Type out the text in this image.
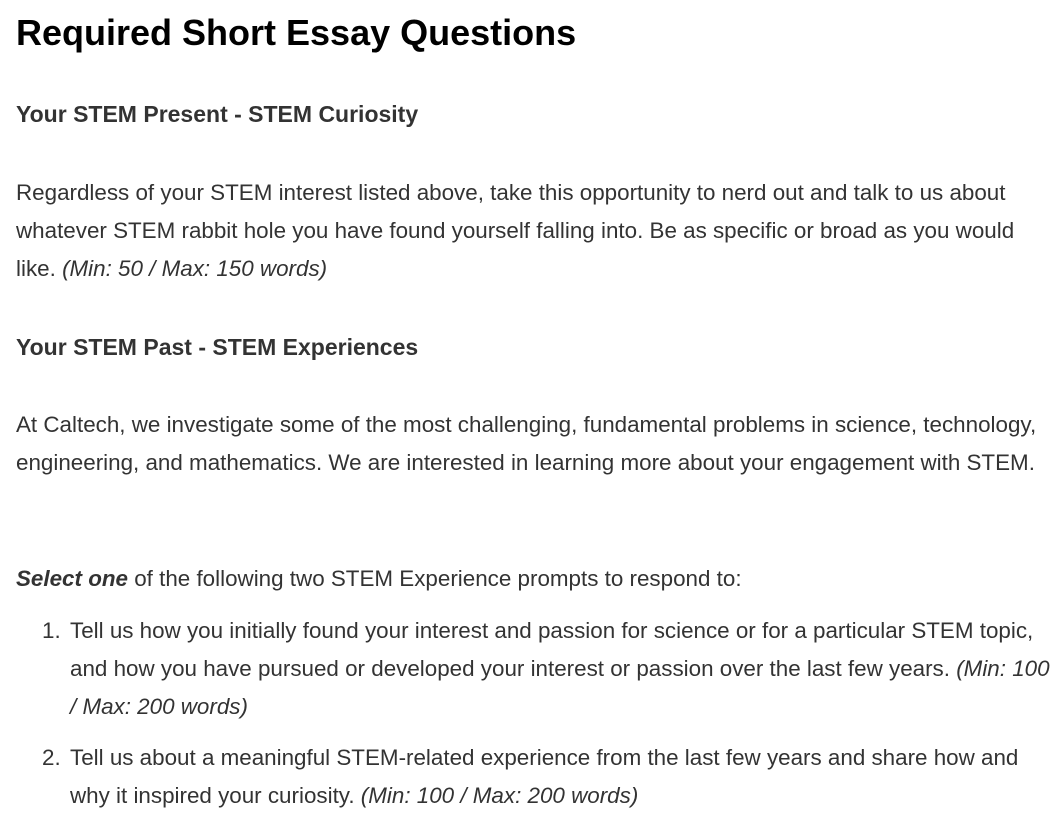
Required Short Essay Questions
Your STEM Present - STEM Curiosity
Regardless of your STEM interest listed above, take this opportunity to nerd out and talk to us about whatever STEM rabbit hole you have found yourself falling into. Be as specific or broad as you would like. (Min: 50 / Max: 150 words)
Your STEM Past - STEM Experiences
At Caltech, we investigate some of the most challenging, fundamental problems in science, technology, engineering, and mathematics. We are interested in learning more about your engagement with STEM.
Select one of the following two STEM Experience prompts to respond to:
1. Tell us how you initially found your interest and passion for science or for a particular STEM topic, and how you have pursued or developed your interest or passion over the last few years. (Min: 100 / Max: 200 words)
2. Tell us about a meaningful STEM-related experience from the last few years and share how and why it inspired your curiosity. (Min: 100 / Max: 200 words)
